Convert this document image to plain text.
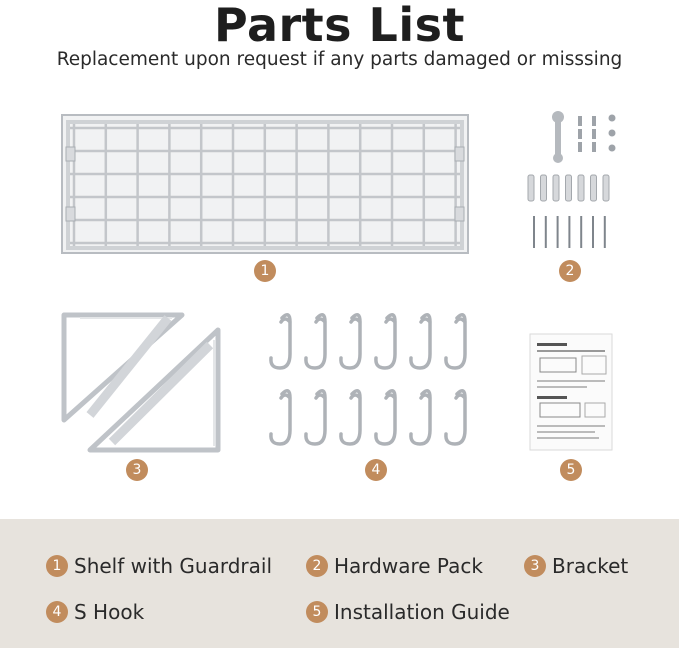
Parts List
Replacement upon request if any parts damaged or misssing
1	2
3	4	5
1 Shelf with Guardrail	2 Hardware Pack	3 Bracket
4 S Hook	5 Installation Guide
